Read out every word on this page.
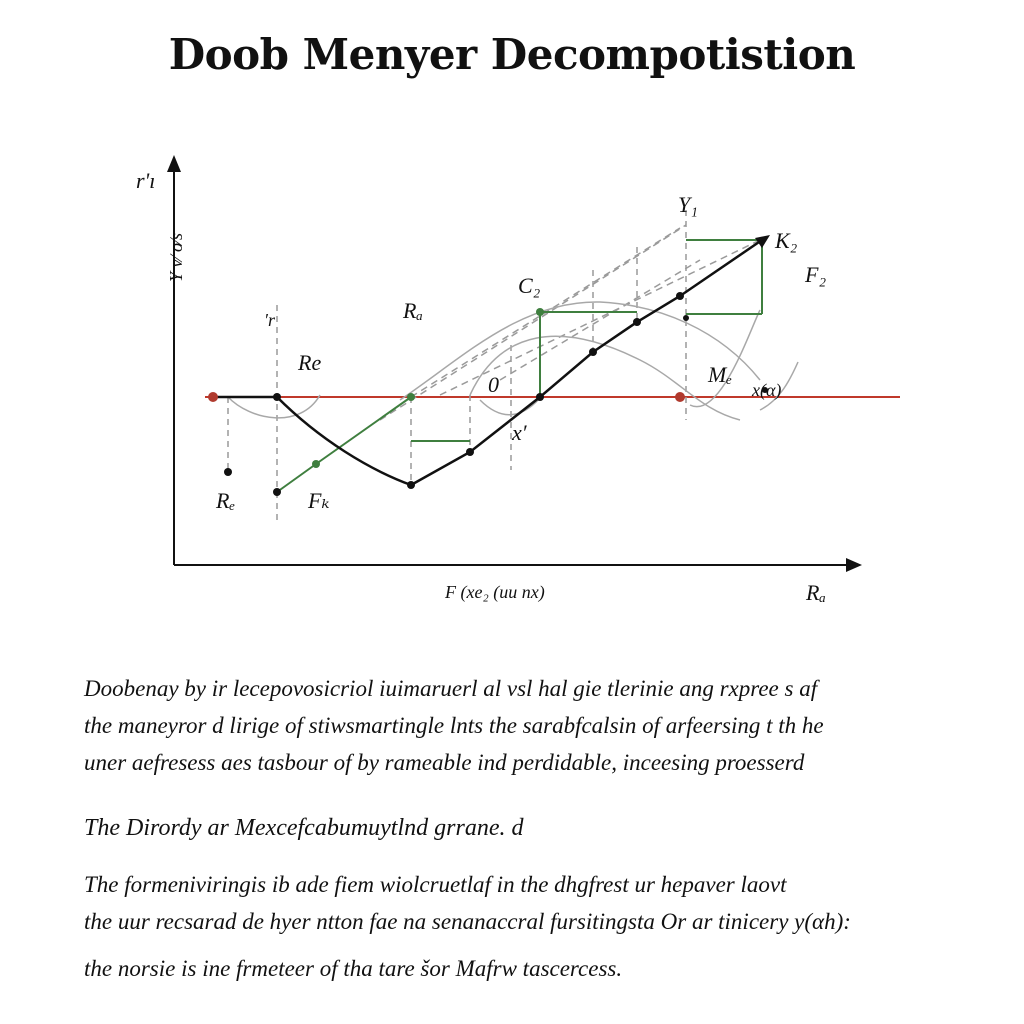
Doob Menyer Decompotistion
r'ı
Y v∕ o∕s
Y₁
K₂
F₂
C₂
Rₐ
Re
′r
Mₑ
x(α)
Rₑ	Fₖ
x′
0
F (xe₂ (uu nx)	Rₐ
Doobenay by ir lecepovosicriol iuimaruerl al vsl hal gie tlerinie ang rxpree s af
the maneyror d lirige of stiwsmartingle lnts the sarabfcalsin of arfeersing t th he
uner aefresess aes tasbour of by rameable ind perdidable, inceesing proesserd
The Dirordy ar Mexcefcabumuytlnd grrane. d
The formeniviringis ib ade fiem wiolcruetlaf in the dhgfrest ur hepaver laovt
the uur recsarad de hyer ntton fae na senanaccral fursitingsta Or ar tinicery y(αh):
the norsie is ine frmeteer of tha tare šor Mafrw tascercess.
